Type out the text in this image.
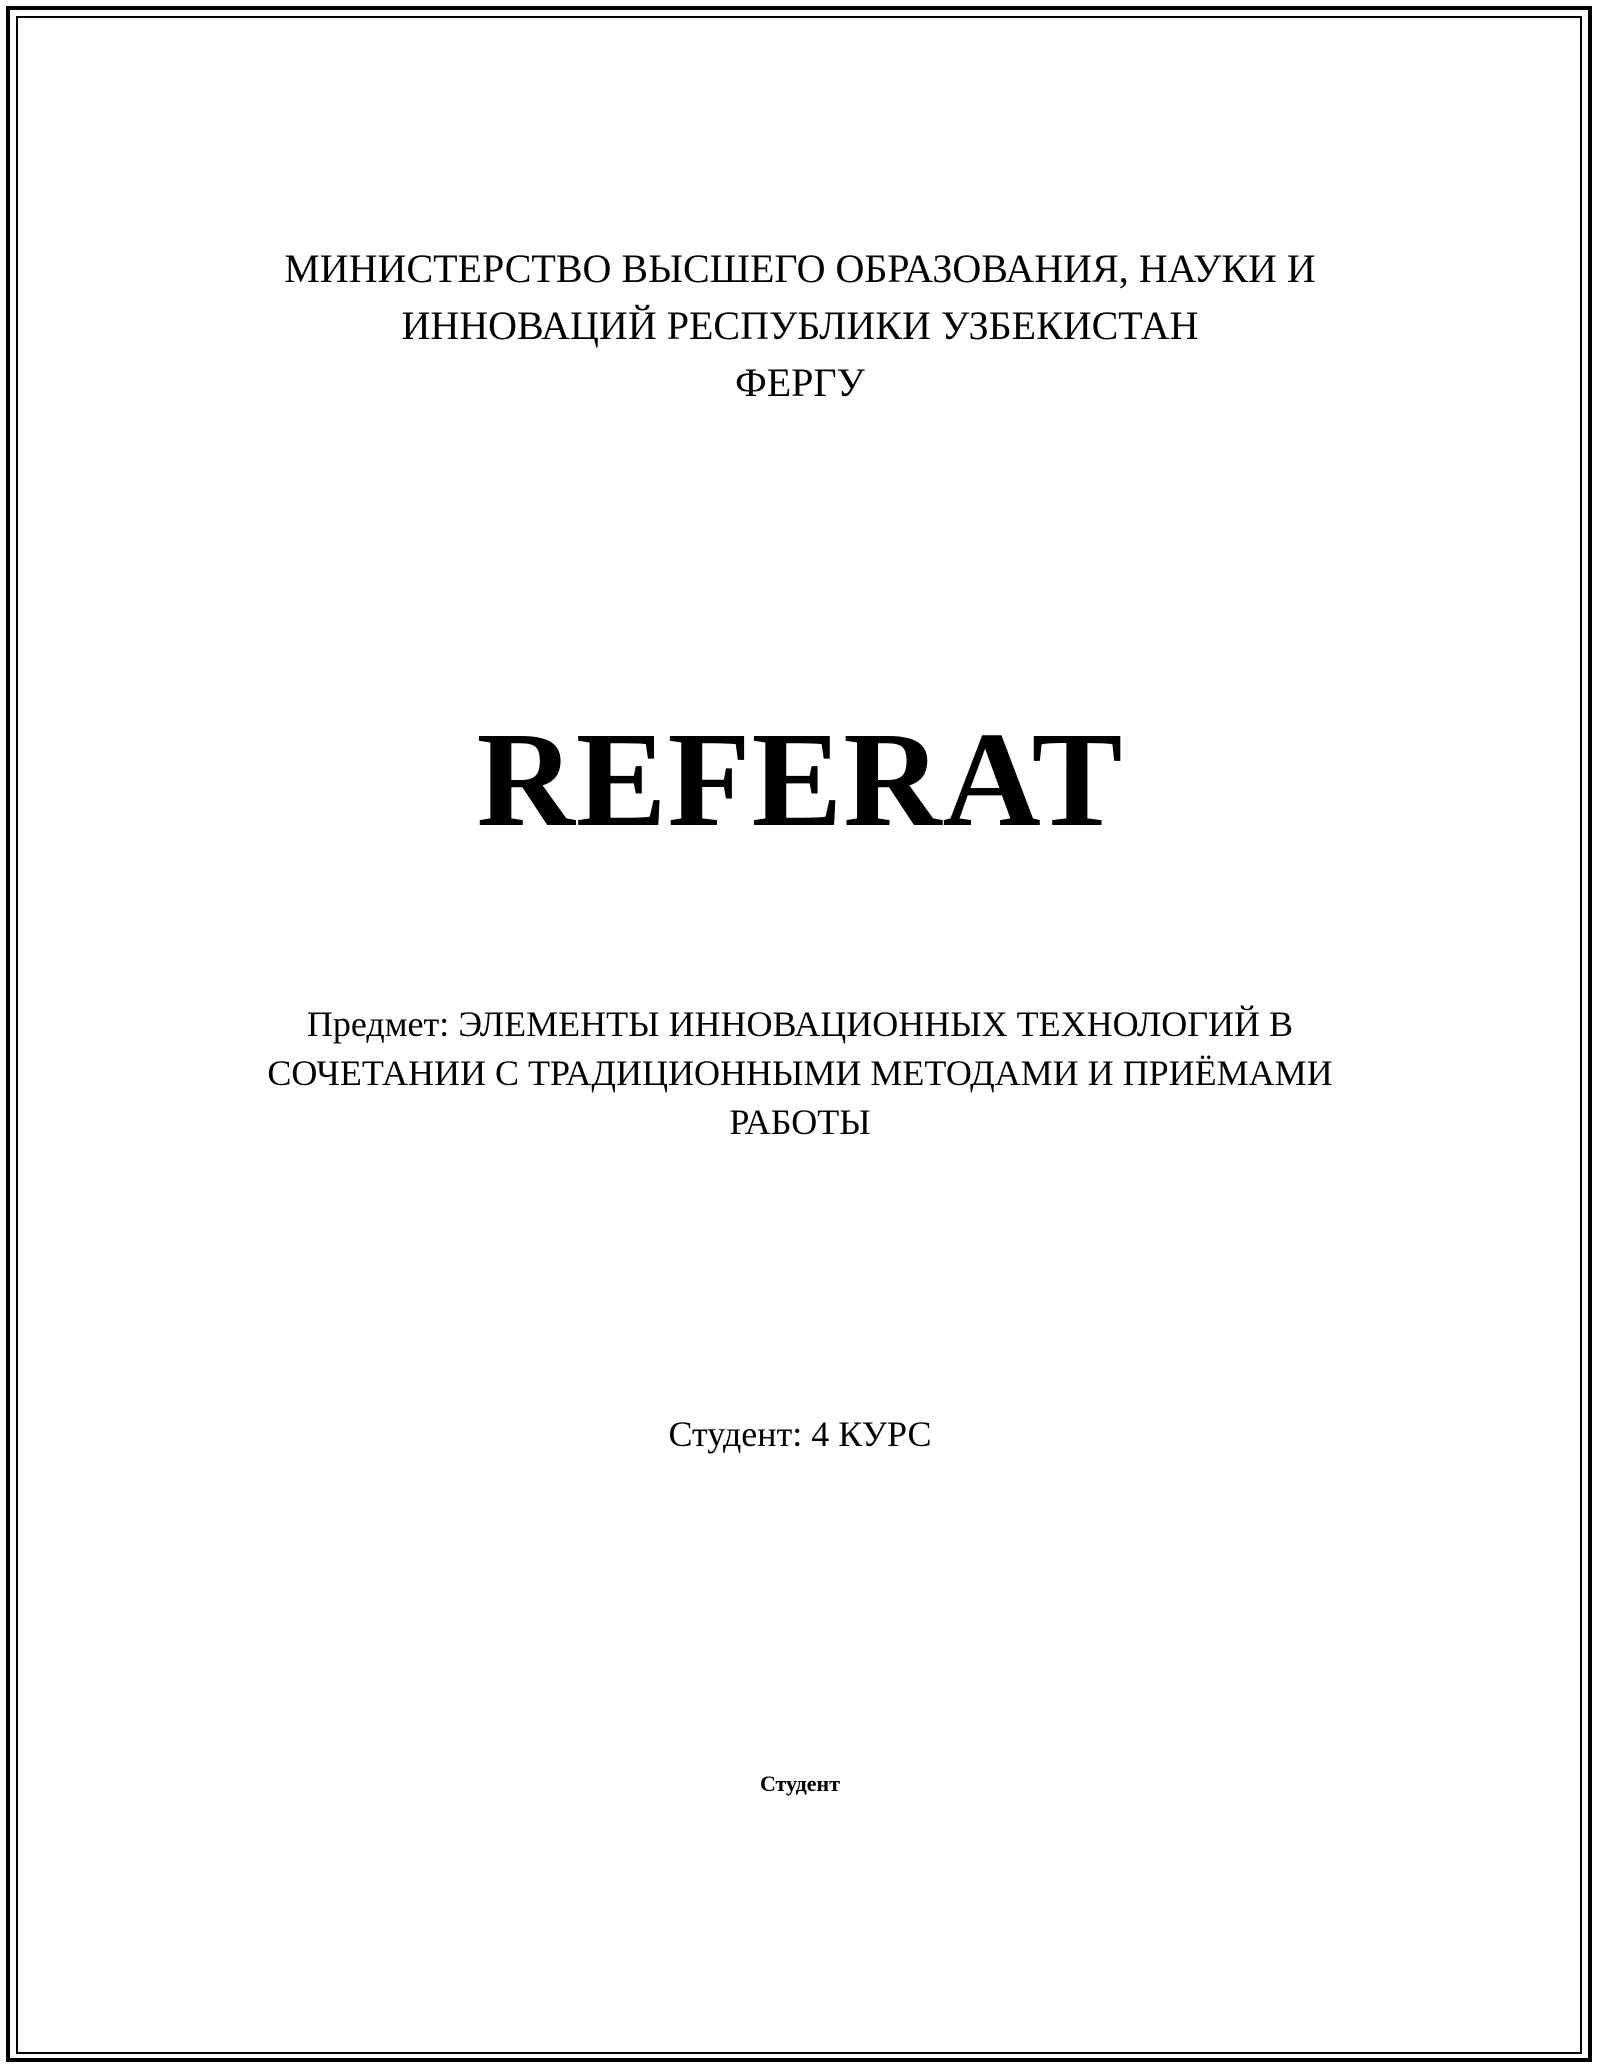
МИНИСТЕРСТВО ВЫСШЕГО ОБРАЗОВАНИЯ, НАУКИ И
ИННОВАЦИЙ РЕСПУБЛИКИ УЗБЕКИСТАН
ФЕРГУ
REFERAT
Предмет: ЭЛЕМЕНТЫ ИННОВАЦИОННЫХ ТЕХНОЛОГИЙ В
СОЧЕТАНИИ С ТРАДИЦИОННЫМИ МЕТОДАМИ И ПРИЁМАМИ
РАБОТЫ
Студент: 4 КУРС
Студент
